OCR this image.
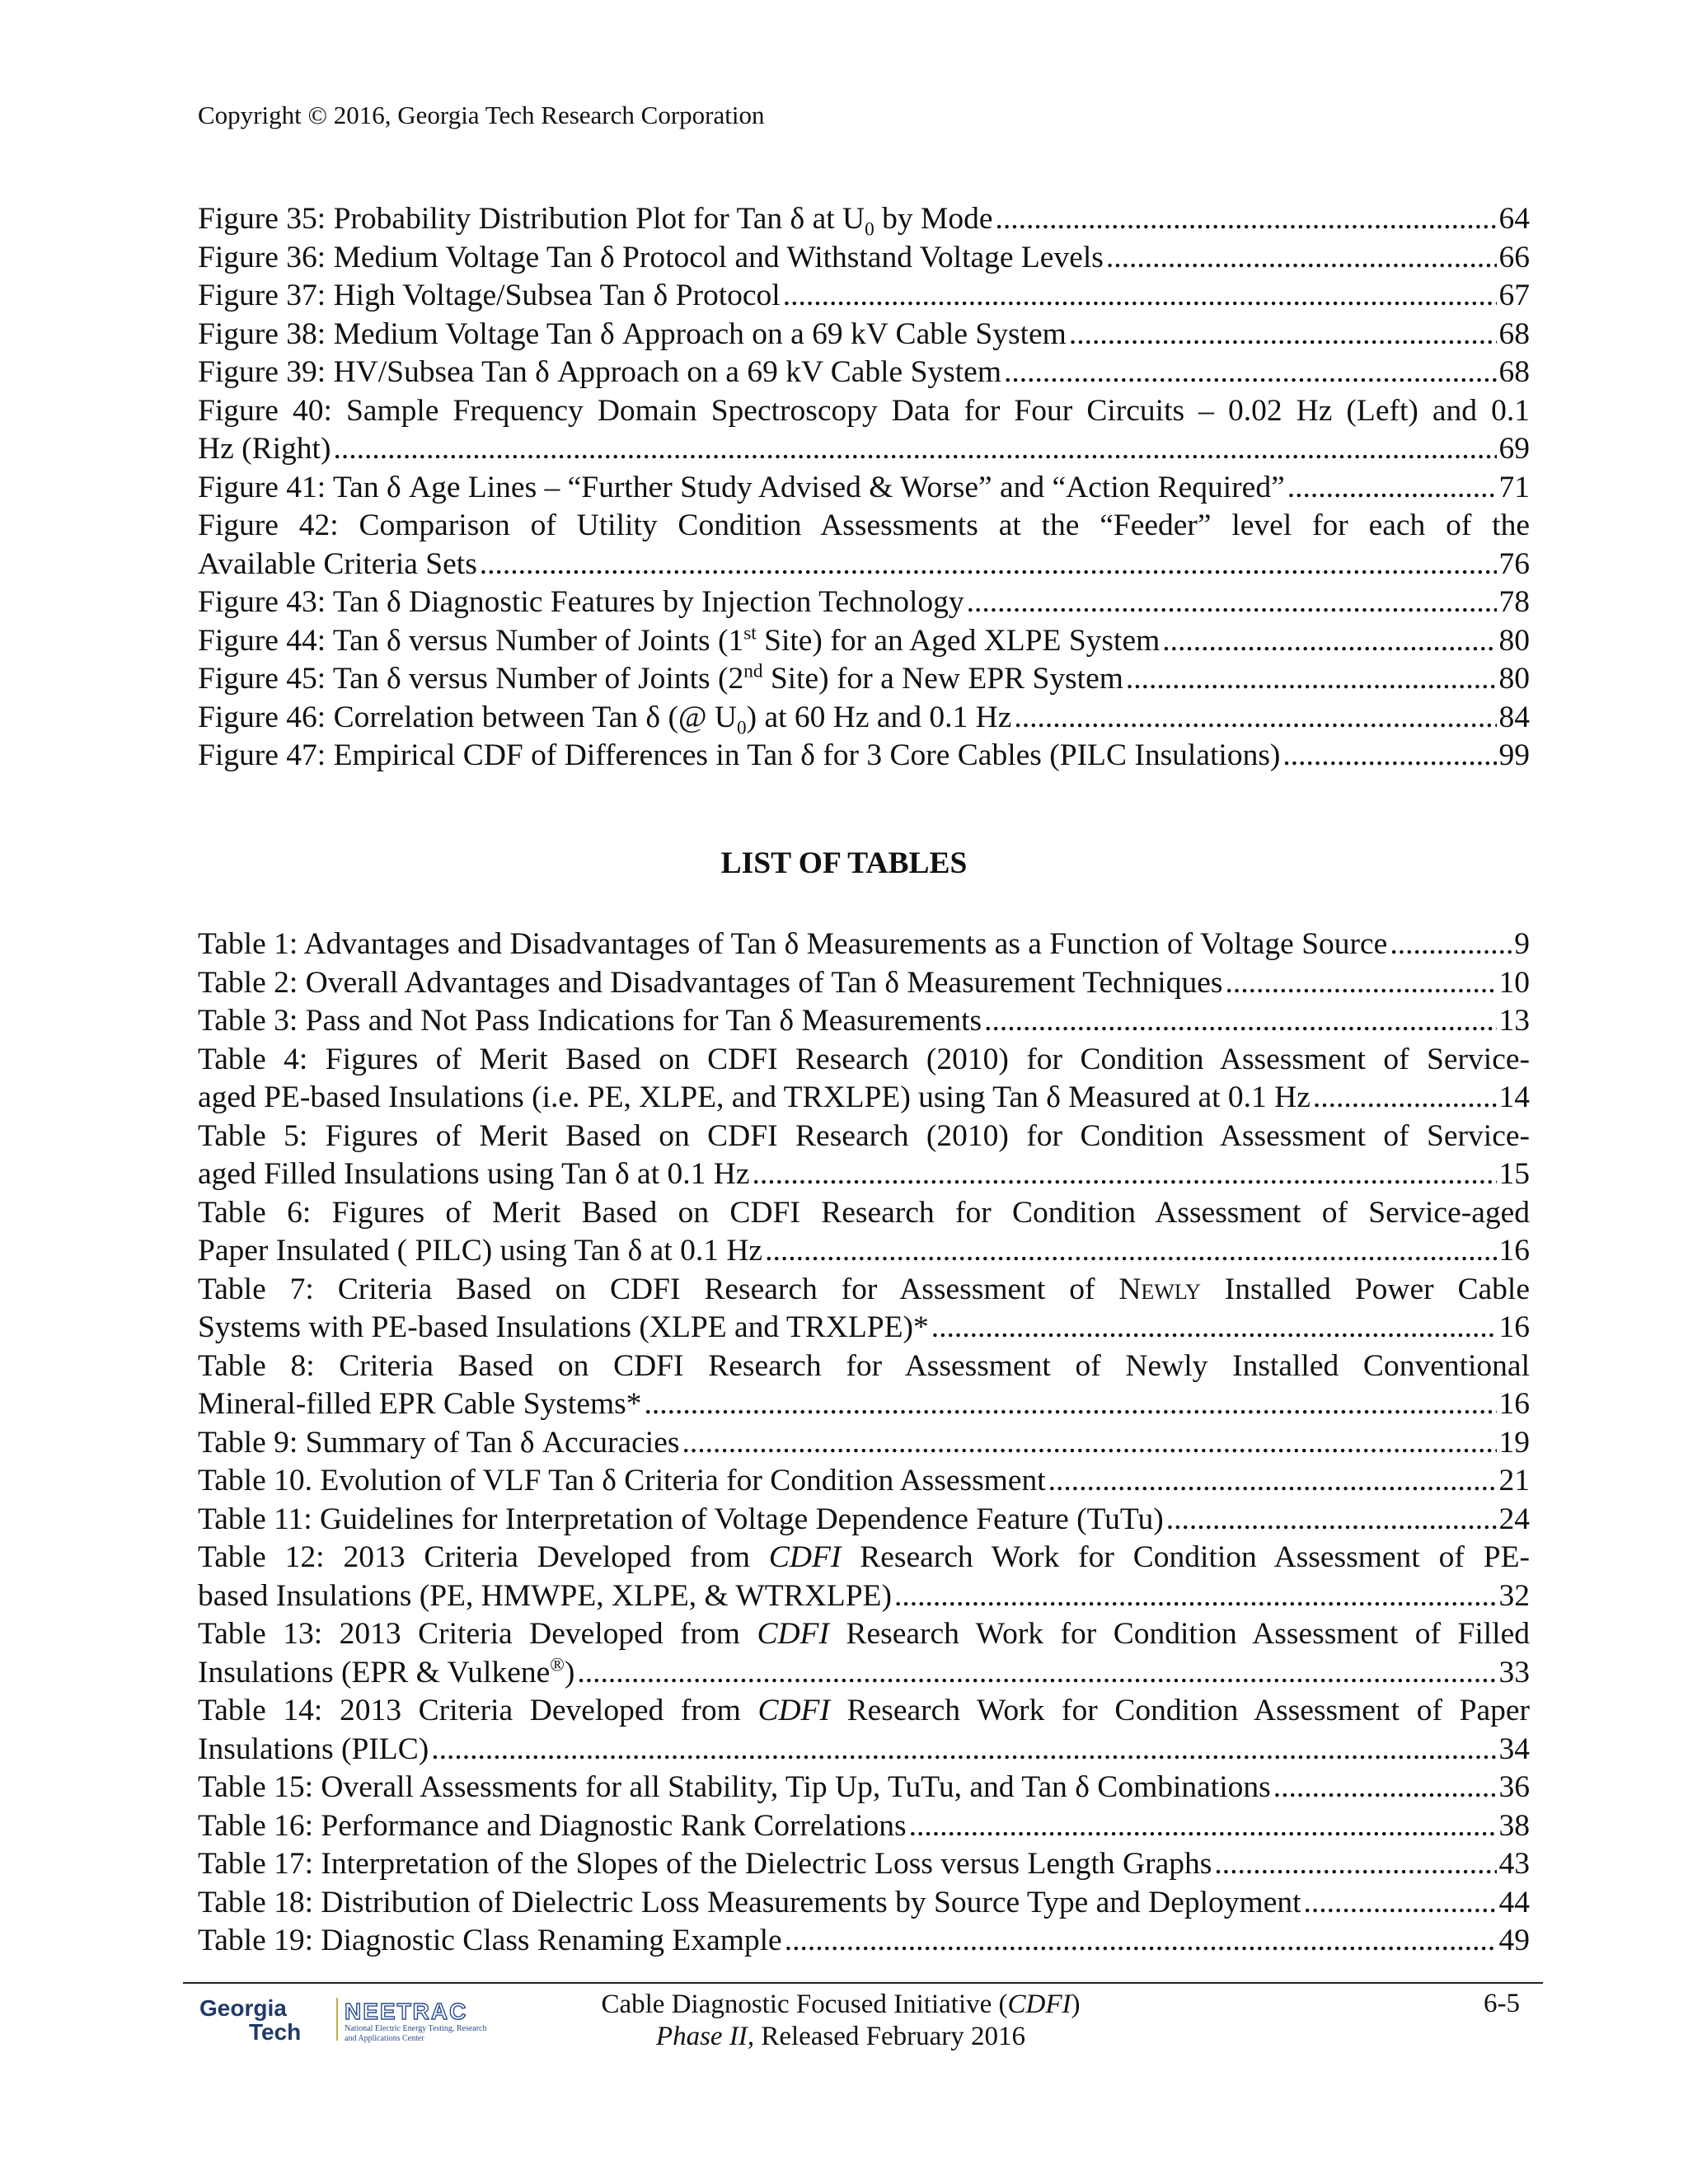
Copyright © 2016, Georgia Tech Research Corporation
Figure 35: Probability Distribution Plot for Tan δ at $U_0$ by Mode .....	64
Figure 36: Medium Voltage Tan δ Protocol and Withstand Voltage Levels .....	66
Figure 37: High Voltage/Subsea Tan δ Protocol .....	67
Figure 38: Medium Voltage Tan δ Approach on a 69 kV Cable System .....	68
Figure 39: HV/Subsea Tan δ Approach on a 69 kV Cable System .....	68
Figure 40: Sample Frequency Domain Spectroscopy Data for Four Circuits – 0.02 Hz (Left) and 0.1
Hz (Right) .....	69
Figure 41: Tan δ Age Lines – “Further Study Advised & Worse” and “Action Required” .....	71
Figure 42: Comparison of Utility Condition Assessments at the “Feeder” level for each of the
Available Criteria Sets .....	76
Figure 43: Tan δ Diagnostic Features by Injection Technology .....	78
Figure 44: Tan δ versus Number of Joints (1st Site) for an Aged XLPE System .....	80
Figure 45: Tan δ versus Number of Joints (2nd Site) for a New EPR System .....	80
Figure 46: Correlation between Tan δ (@ $U_0$) at 60 Hz and 0.1 Hz .....	84
Figure 47: Empirical CDF of Differences in Tan δ for 3 Core Cables (PILC Insulations) .....	99
LIST OF TABLES
Table 1: Advantages and Disadvantages of Tan δ Measurements as a Function of Voltage Source .....	9
Table 2: Overall Advantages and Disadvantages of Tan δ Measurement Techniques .....	10
Table 3: Pass and Not Pass Indications for Tan δ Measurements .....	13
Table 4: Figures of Merit Based on CDFI Research (2010) for Condition Assessment of Service-
aged PE-based Insulations (i.e. PE, XLPE, and TRXLPE) using Tan δ Measured at 0.1 Hz .....	14
Table 5: Figures of Merit Based on CDFI Research (2010) for Condition Assessment of Service-
aged Filled Insulations using Tan δ at 0.1 Hz .....	15
Table 6: Figures of Merit Based on CDFI Research for Condition Assessment of Service-aged
Paper Insulated ( PILC) using Tan δ at 0.1 Hz .....	16
Table 7: Criteria Based on CDFI Research for Assessment of Newly Installed Power Cable
Systems with PE-based Insulations (XLPE and TRXLPE)* .....	16
Table 8: Criteria Based on CDFI Research for Assessment of Newly Installed Conventional
Mineral-filled EPR Cable Systems* .....	16
Table 9: Summary of Tan δ Accuracies .....	19
Table 10. Evolution of VLF Tan δ Criteria for Condition Assessment .....	21
Table 11: Guidelines for Interpretation of Voltage Dependence Feature (TuTu) .....	24
Table 12: 2013 Criteria Developed from CDFI Research Work for Condition Assessment of PE-
based Insulations (PE, HMWPE, XLPE, & WTRXLPE) .....	32
Table 13: 2013 Criteria Developed from CDFI Research Work for Condition Assessment of Filled
Insulations (EPR & Vulkene®) .....	33
Table 14: 2013 Criteria Developed from CDFI Research Work for Condition Assessment of Paper
Insulations (PILC) .....	34
Table 15: Overall Assessments for all Stability, Tip Up, TuTu, and Tan δ Combinations .....	36
Table 16: Performance and Diagnostic Rank Correlations .....	38
Table 17: Interpretation of the Slopes of the Dielectric Loss versus Length Graphs .....	43
Table 18: Distribution of Dielectric Loss Measurements by Source Type and Deployment .....	44
Table 19: Diagnostic Class Renaming Example .....	49
Georgia
Tech
NEETRAC
National Electric Energy Testing, Research
and Applications Center
Cable Diagnostic Focused Initiative (CDFI)
Phase II, Released February 2016
6-5
